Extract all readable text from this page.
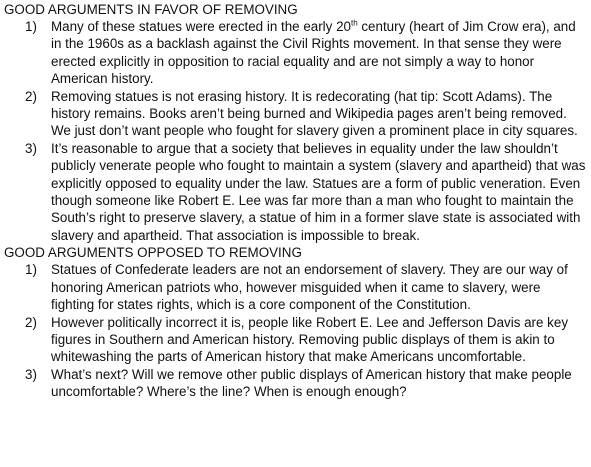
GOOD ARGUMENTS IN FAVOR OF REMOVING
1) Many of these statues were erected in the early 20th century (heart of Jim Crow era), and in the 1960s as a backlash against the Civil Rights movement. In that sense they were erected explicitly in opposition to racial equality and are not simply a way to honor American history.
2) Removing statues is not erasing history. It is redecorating (hat tip: Scott Adams). The history remains. Books aren’t being burned and Wikipedia pages aren’t being removed. We just don’t want people who fought for slavery given a prominent place in city squares.
3) It’s reasonable to argue that a society that believes in equality under the law shouldn’t publicly venerate people who fought to maintain a system (slavery and apartheid) that was explicitly opposed to equality under the law. Statues are a form of public veneration. Even though someone like Robert E. Lee was far more than a man who fought to maintain the South’s right to preserve slavery, a statue of him in a former slave state is associated with slavery and apartheid. That association is impossible to break.
GOOD ARGUMENTS OPPOSED TO REMOVING
1) Statues of Confederate leaders are not an endorsement of slavery. They are our way of honoring American patriots who, however misguided when it came to slavery, were fighting for states rights, which is a core component of the Constitution.
2) However politically incorrect it is, people like Robert E. Lee and Jefferson Davis are key figures in Southern and American history. Removing public displays of them is akin to whitewashing the parts of American history that make Americans uncomfortable.
3) What’s next? Will we remove other public displays of American history that make people uncomfortable? Where’s the line? When is enough enough?
